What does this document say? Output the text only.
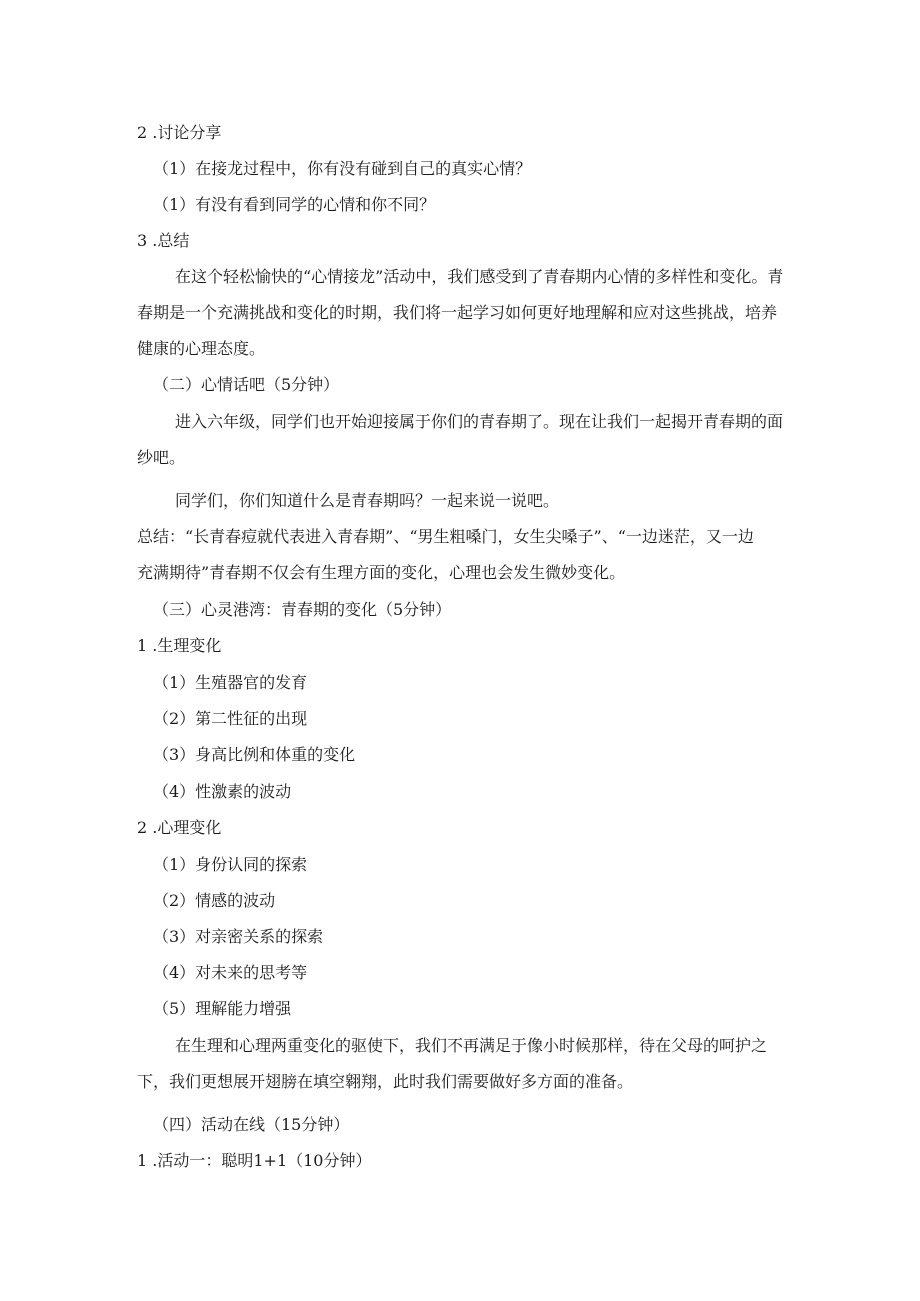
2 .讨论分享
（1）在接龙过程中，你有没有碰到自己的真实心情？
（1）有没有看到同学的心情和你不同？
3 .总结

在这个轻松愉快的“心情接龙”活动中，我们感受到了青春期内心情的多样性和变化。青春期是一个充满挑战和变化的时期，我们将一起学习如何更好地理解和应对这些挑战，培养健康的心理态度。

（二）心情话吧（5分钟）

进入六年级，同学们也开始迎接属于你们的青春期了。现在让我们一起揭开青春期的面纱吧。

同学们，你们知道什么是青春期吗？一起来说一说吧。

总结：“长青春痘就代表进入青春期”、“男生粗嗓门，女生尖嗓子”、“一边迷茫，又一边充满期待”青春期不仅会有生理方面的变化，心理也会发生微妙变化。

（三）心灵港湾：青春期的变化（5分钟）
1 .生理变化
（1）生殖器官的发育
（2）第二性征的出现
（3）身高比例和体重的变化
（4）性激素的波动
2 .心理变化
（1）身份认同的探索
（2）情感的波动
（3）对亲密关系的探索
（4）对未来的思考等
（5）理解能力增强

在生理和心理两重变化的驱使下，我们不再满足于像小时候那样，待在父母的呵护之下，我们更想展开翅膀在填空翱翔，此时我们需要做好多方面的准备。

（四）活动在线（15分钟）
1 .活动一：聪明1+1（10分钟）
